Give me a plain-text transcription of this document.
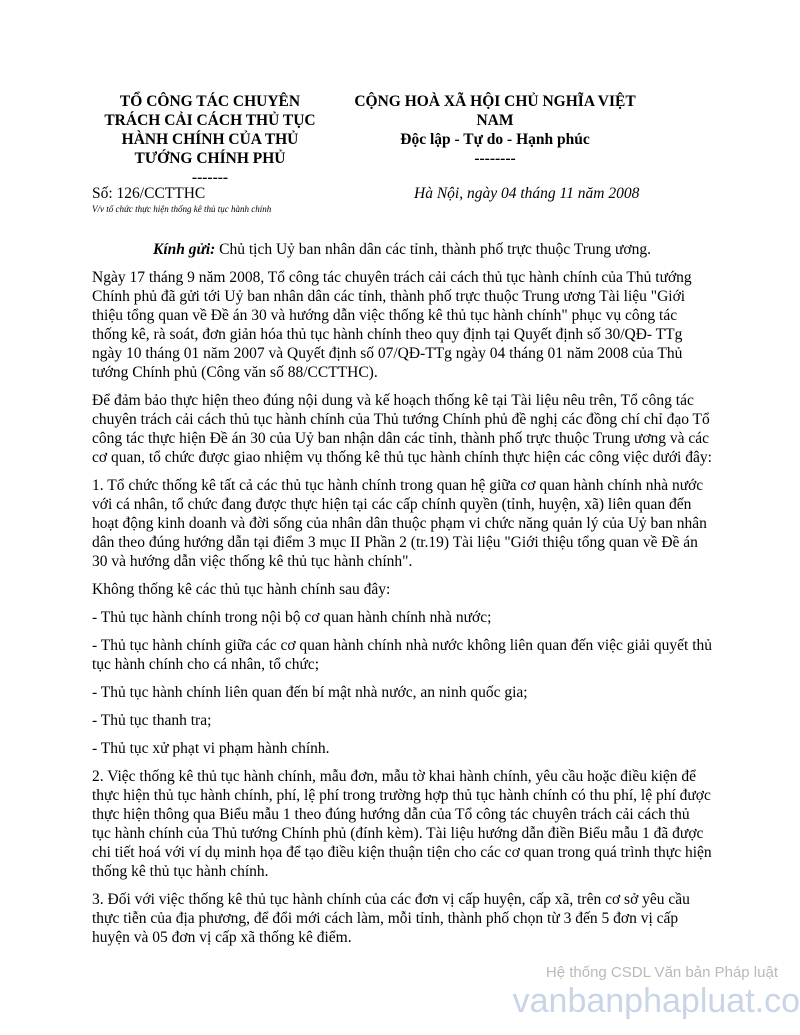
TỔ CÔNG TÁC CHUYÊN
TRÁCH CẢI CÁCH THỦ TỤC
HÀNH CHÍNH CỦA THỦ
TƯỚNG CHÍNH PHỦ
-------
CỘNG HOÀ XÃ HỘI CHỦ NGHĨA VIỆT
NAM
Độc lập - Tự do - Hạnh phúc
--------
Số: 126/CCTTHC
V/v tổ chức thực hiện thống kê thủ tục hành chính
Hà Nội, ngày 04 tháng 11 năm 2008

Kính gửi: Chủ tịch Uỷ ban nhân dân các tỉnh, thành phố trực thuộc Trung ương.

Ngày 17 tháng 9 năm 2008, Tổ công tác chuyên trách cải cách thủ tục hành chính của Thủ tướng Chính phủ đã gửi tới Uỷ ban nhân dân các tỉnh, thành phố trực thuộc Trung ương Tài liệu "Giới thiệu tổng quan về Đề án 30 và hướng dẫn việc thống kê thủ tục hành chính" phục vụ công tác thống kê, rà soát, đơn giản hóa thủ tục hành chính theo quy định tại Quyết định số 30/QĐ- TTg ngày 10 tháng 01 năm 2007 và Quyết định số 07/QĐ-TTg ngày 04 tháng 01 năm 2008 của Thủ tướng Chính phủ (Công văn số 88/CCTTHC).

Để đảm bảo thực hiện theo đúng nội dung và kế hoạch thống kê tại Tài liệu nêu trên, Tổ công tác chuyên trách cải cách thủ tục hành chính của Thủ tướng Chính phủ đề nghị các đồng chí chỉ đạo Tổ công tác thực hiện Đề án 30 của Uỷ ban nhận dân các tỉnh, thành phố trực thuộc Trung ương và các cơ quan, tổ chức được giao nhiệm vụ thống kê thủ tục hành chính thực hiện các công việc dưới đây:

1. Tổ chức thống kê tất cả các thủ tục hành chính trong quan hệ giữa cơ quan hành chính nhà nước với cá nhân, tổ chức đang được thực hiện tại các cấp chính quyền (tỉnh, huyện, xã) liên quan đến hoạt động kinh doanh và đời sống của nhân dân thuộc phạm vi chức năng quản lý của Uỷ ban nhân dân theo đúng hướng dẫn tại điểm 3 mục II Phần 2 (tr.19) Tài liệu "Giới thiệu tổng quan về Đề án 30 và hướng dẫn việc thống kê thủ tục hành chính".

Không thống kê các thủ tục hành chính sau đây:

- Thủ tục hành chính trong nội bộ cơ quan hành chính nhà nước;

- Thủ tục hành chính giữa các cơ quan hành chính nhà nước không liên quan đến việc giải quyết thủ tục hành chính cho cá nhân, tổ chức;

- Thủ tục hành chính liên quan đến bí mật nhà nước, an ninh quốc gia;

- Thủ tục thanh tra;

- Thủ tục xử phạt vi phạm hành chính.

2. Việc thống kê thủ tục hành chính, mẫu đơn, mẫu tờ khai hành chính, yêu cầu hoặc điều kiện để thực hiện thủ tục hành chính, phí, lệ phí trong trường hợp thủ tục hành chính có thu phí, lệ phí được thực hiện thông qua Biểu mẫu 1 theo đúng hướng dẫn của Tổ công tác chuyên trách cải cách thủ tục hành chính của Thủ tướng Chính phủ (đính kèm). Tài liệu hướng dẫn điền Biểu mẫu 1 đã được chi tiết hoá với ví dụ minh họa để tạo điều kiện thuận tiện cho các cơ quan trong quá trình thực hiện thống kê thủ tục hành chính.

3. Đối với việc thống kê thủ tục hành chính của các đơn vị cấp huyện, cấp xã, trên cơ sở yêu cầu thực tiễn của địa phương, để đổi mới cách làm, mỗi tỉnh, thành phố chọn từ 3 đến 5 đơn vị cấp huyện và 05 đơn vị cấp xã thống kê điểm.

Hệ thống CSDL Văn bản Pháp luật
vanbanphapluat.co
